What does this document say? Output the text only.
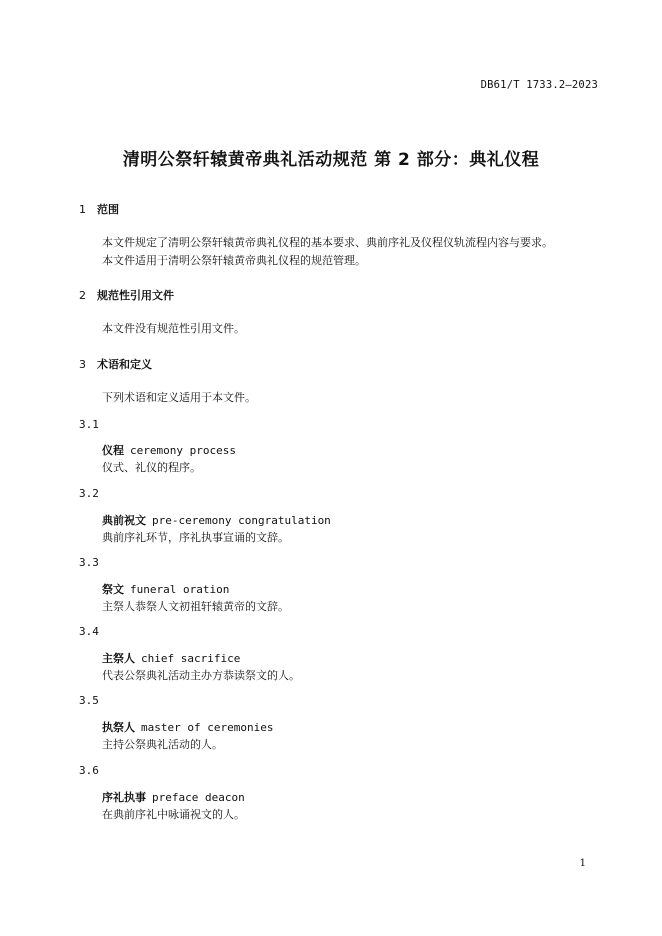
DB61/T 1733.2—2023
清明公祭轩辕黄帝典礼活动规范 第 2 部分：典礼仪程
1 范围
本文件规定了清明公祭轩辕黄帝典礼仪程的基本要求、典前序礼及仪程仪轨流程内容与要求。
本文件适用于清明公祭轩辕黄帝典礼仪程的规范管理。
2 规范性引用文件
本文件没有规范性引用文件。
3 术语和定义
下列术语和定义适用于本文件。
3.1
仪程 ceremony process
仪式、礼仪的程序。
3.2
典前祝文 pre-ceremony congratulation
典前序礼环节，序礼执事宣诵的文辞。
3.3
祭文 funeral oration
主祭人恭祭人文初祖轩辕黄帝的文辞。
3.4
主祭人 chief sacrifice
代表公祭典礼活动主办方恭读祭文的人。
3.5
执祭人 master of ceremonies
主持公祭典礼活动的人。
3.6
序礼执事 preface deacon
在典前序礼中咏诵祝文的人。
1
